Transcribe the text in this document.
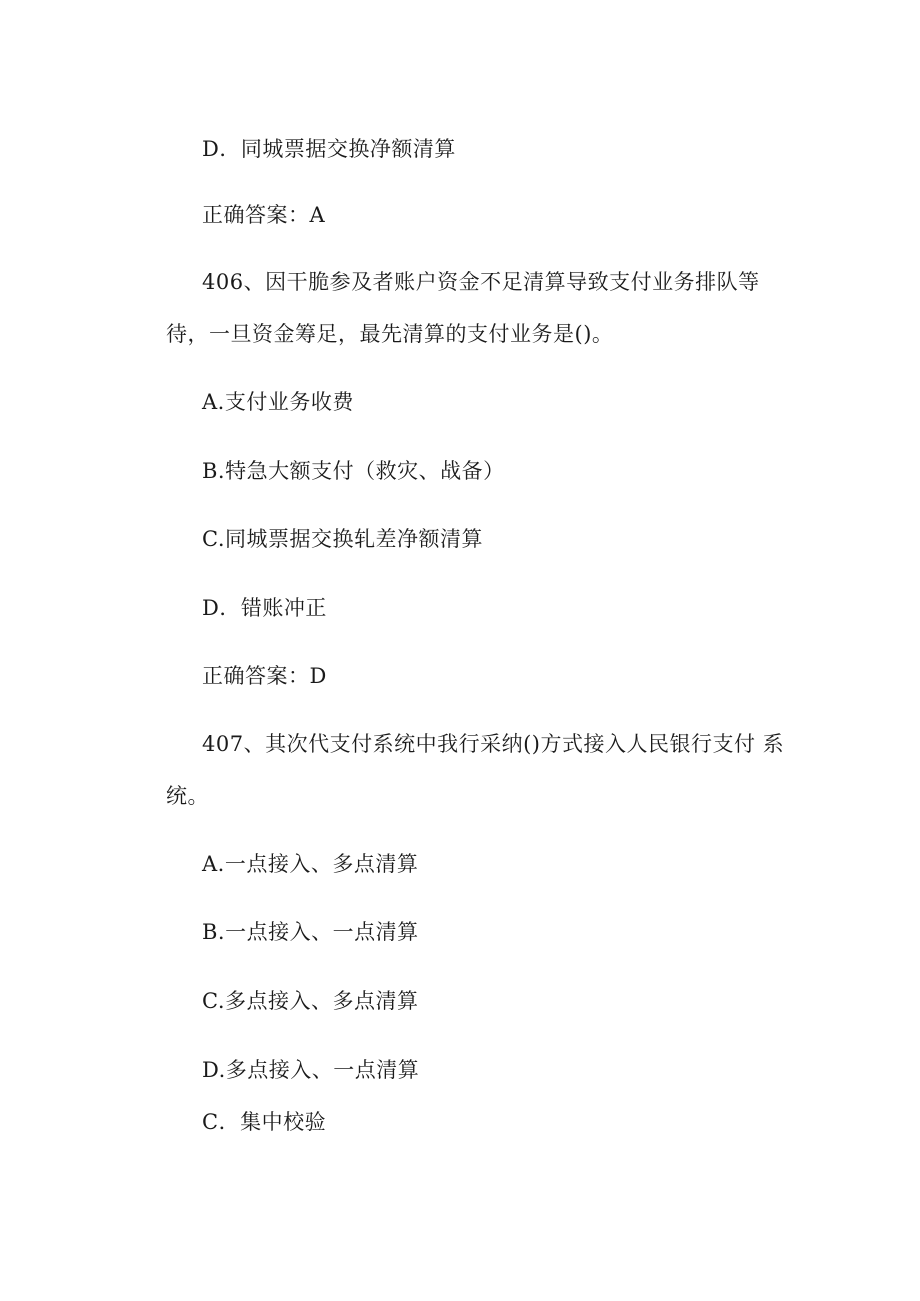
D．同城票据交换净额清算
正确答案：A
406、因干脆参及者账户资金不足清算导致支付业务排队等
待，一旦资金筹足，最先清算的支付业务是()。
A.支付业务收费
B.特急大额支付（救灾、战备）
C.同城票据交换轧差净额清算
D．错账冲正
正确答案：D
407、其次代支付系统中我行采纳()方式接入人民银行支付 系
统。
A.一点接入、多点清算
B.一点接入、一点清算
C.多点接入、多点清算
D.多点接入、一点清算
C．集中校验
